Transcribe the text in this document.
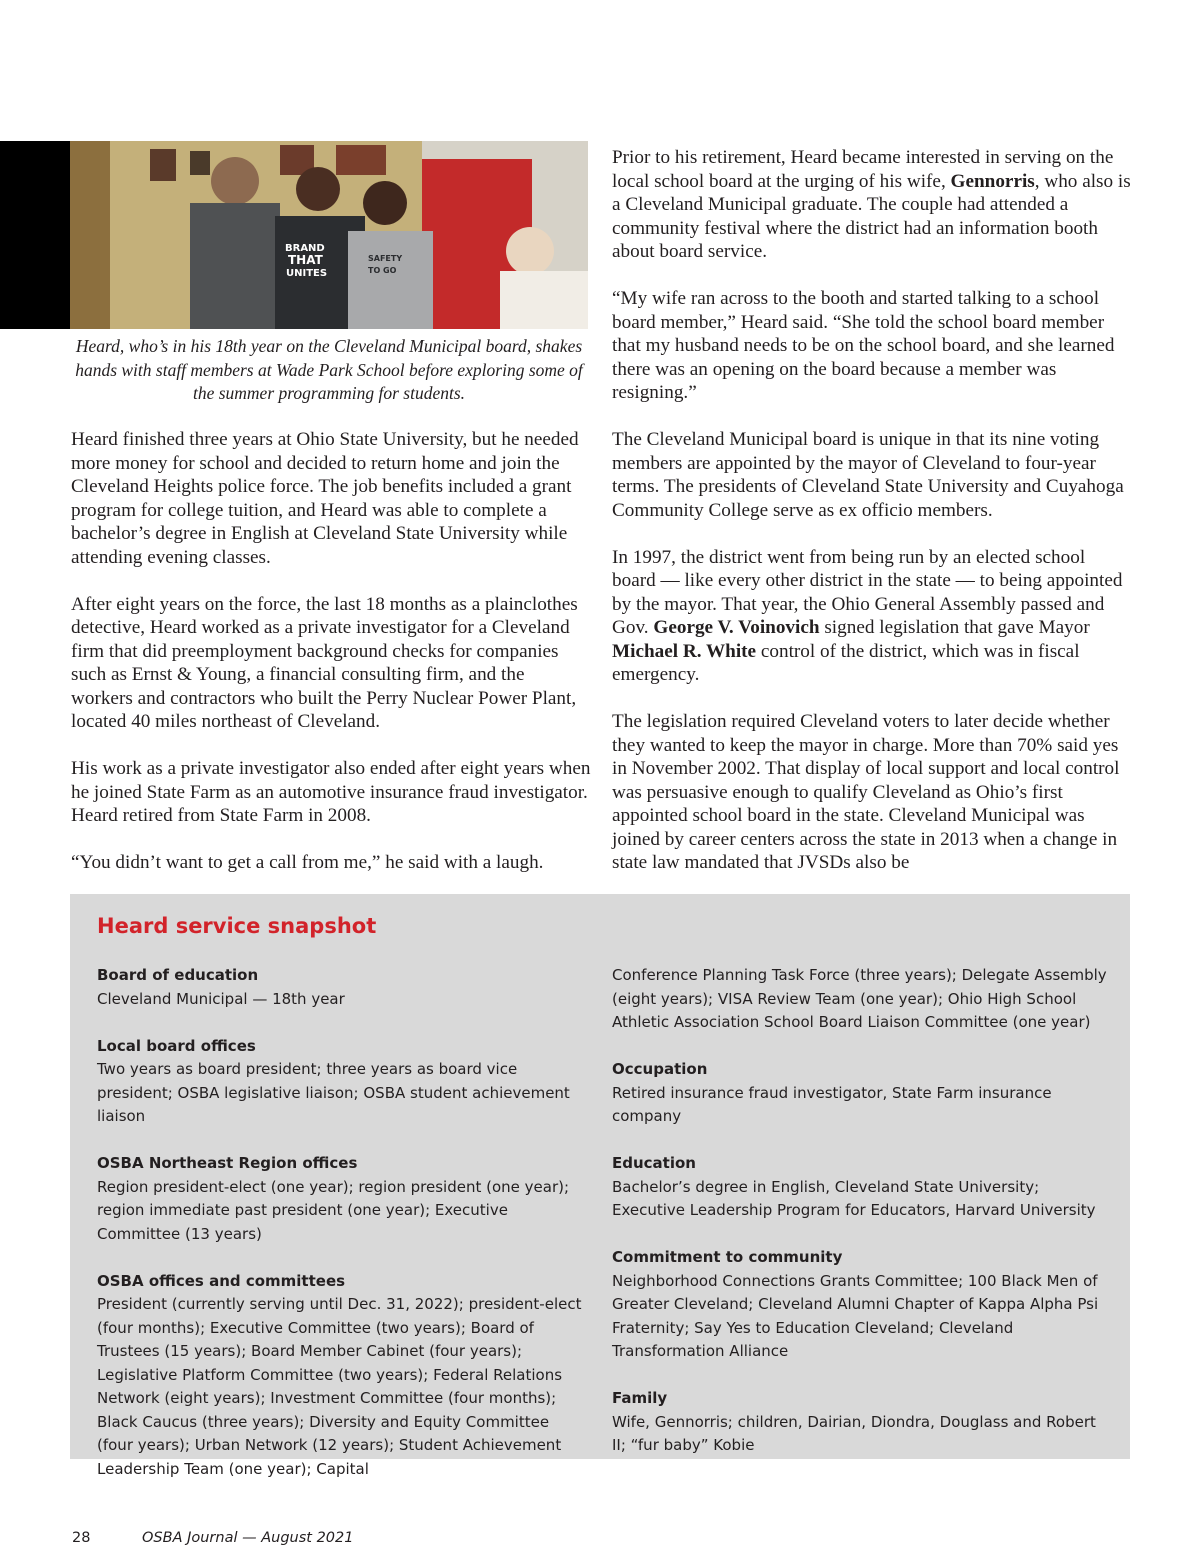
BRAND
THAT
UNITES
SAFETY
TO GO
Heard, who’s in his 18th year on the Cleveland Municipal board, shakes hands with staff members at Wade Park School before exploring some of the summer programming for students.

Heard finished three years at Ohio State University, but he needed more money for school and decided to return home and join the Cleveland Heights police force. The job benefits included a grant program for college tuition, and Heard was able to complete a bachelor’s degree in English at Cleveland State University while attending evening classes.

After eight years on the force, the last 18 months as a plainclothes detective, Heard worked as a private investigator for a Cleveland firm that did preemployment background checks for companies such as Ernst & Young, a financial consulting firm, and the workers and contractors who built the Perry Nuclear Power Plant, located 40 miles northeast of Cleveland.

His work as a private investigator also ended after eight years when he joined State Farm as an automotive insurance fraud investigator. Heard retired from State Farm in 2008.

“You didn’t want to get a call from me,” he said with a laugh.

Prior to his retirement, Heard became interested in serving on the local school board at the urging of his wife, Gennorris, who also is a Cleveland Municipal graduate. The couple had attended a community festival where the district had an information booth about board service.

“My wife ran across to the booth and started talking to a school board member,” Heard said. “She told the school board member that my husband needs to be on the school board, and she learned there was an opening on the board because a member was resigning.”

The Cleveland Municipal board is unique in that its nine voting members are appointed by the mayor of Cleveland to four-year terms. The presidents of Cleveland State University and Cuyahoga Community College serve as ex officio members.

In 1997, the district went from being run by an elected school board — like every other district in the state — to being appointed by the mayor. That year, the Ohio General Assembly passed and Gov. George V. Voinovich signed legislation that gave Mayor Michael R. White control of the district, which was in fiscal emergency.

The legislation required Cleveland voters to later decide whether they wanted to keep the mayor in charge. More than 70% said yes in November 2002. That display of local support and local control was persuasive enough to qualify Cleveland as Ohio’s first appointed school board in the state. Cleveland Municipal was joined by career centers across the state in 2013 when a change in state law mandated that JVSDs also be

Heard service snapshot
Board of education
Cleveland Municipal — 18th year
Local board offices
Two years as board president; three years as board vice president; OSBA legislative liaison; OSBA student achievement liaison
OSBA Northeast Region offices
Region president-elect (one year); region president (one year); region immediate past president (one year); Executive Committee (13 years)
OSBA offices and committees
President (currently serving until Dec. 31, 2022); president-elect (four months); Executive Committee (two years); Board of Trustees (15 years); Board Member Cabinet (four years); Legislative Platform Committee (two years); Federal Relations Network (eight years); Investment Committee (four months); Black Caucus (three years); Diversity and Equity Committee (four years); Urban Network (12 years); Student Achievement Leadership Team (one year); Capital
Conference Planning Task Force (three years); Delegate Assembly (eight years); VISA Review Team (one year); Ohio High School Athletic Association School Board Liaison Committee (one year)
Occupation
Retired insurance fraud investigator, State Farm insurance company
Education
Bachelor’s degree in English, Cleveland State University; Executive Leadership Program for Educators, Harvard University
Commitment to community
Neighborhood Connections Grants Committee; 100 Black Men of Greater Cleveland; Cleveland Alumni Chapter of Kappa Alpha Psi Fraternity; Say Yes to Education Cleveland; Cleveland Transformation Alliance
Family
Wife, Gennorris; children, Dairian, Diondra, Douglass and Robert II; “fur baby” Kobie
28	OSBA Journal — August 2021
